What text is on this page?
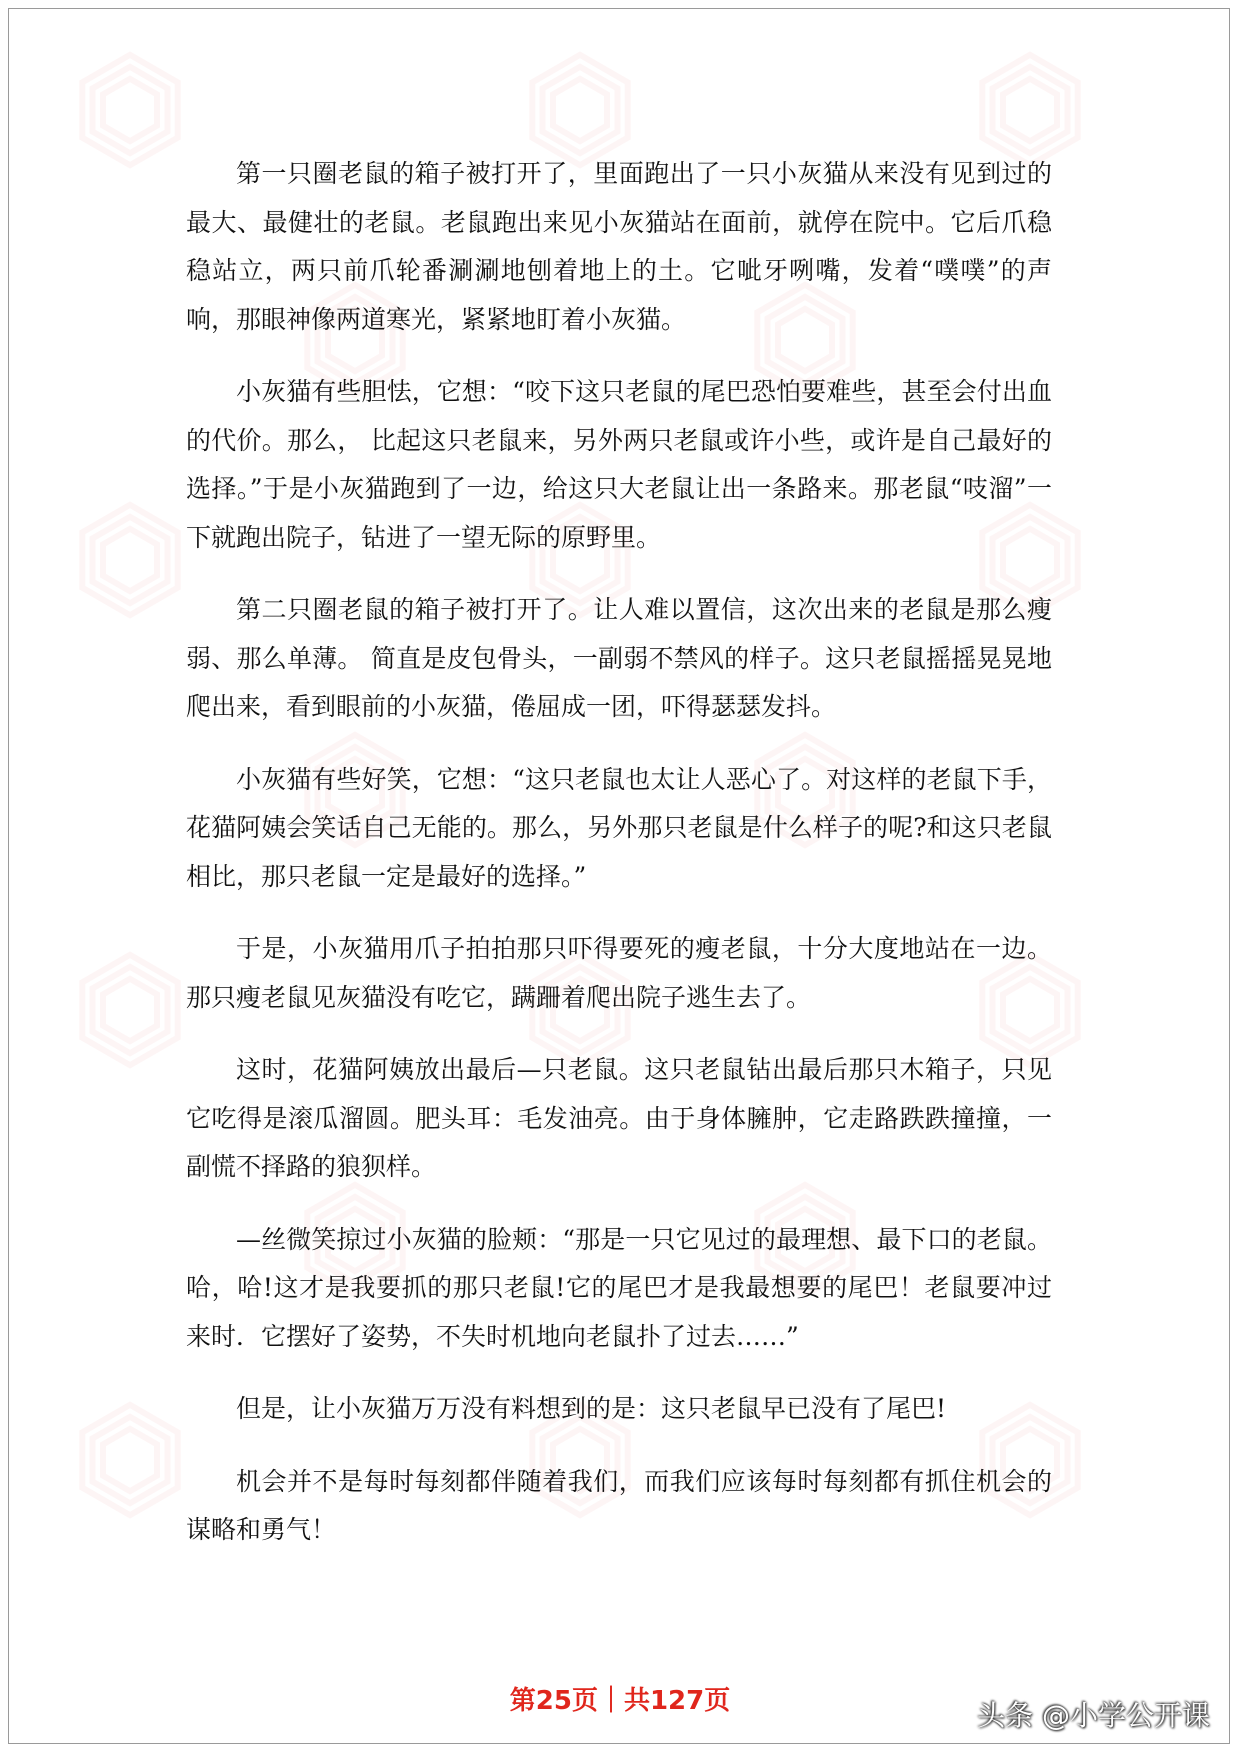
第一只圈老鼠的箱子被打开了，里面跑出了一只小灰猫从来没有见到过的最大、最健壮的老鼠。老鼠跑出来见小灰猫站在面前，就停在院中。它后爪稳稳站立，两只前爪轮番涮涮地刨着地上的土。它呲牙咧嘴，发着“噗噗”的声响，那眼神像两道寒光，紧紧地盯着小灰猫。

小灰猫有些胆怯，它想：“咬下这只老鼠的尾巴恐怕要难些，甚至会付出血的代价。那么， 比起这只老鼠来，另外两只老鼠或许小些，或许是自己最好的选择。”于是小灰猫跑到了一边，给这只大老鼠让出一条路来。那老鼠“吱溜”一下就跑出院子，钻进了一望无际的原野里。

第二只圈老鼠的箱子被打开了。让人难以置信，这次出来的老鼠是那么瘦弱、那么单薄。 简直是皮包骨头，一副弱不禁风的样子。这只老鼠摇摇晃晃地爬出来，看到眼前的小灰猫，倦屈成一团，吓得瑟瑟发抖。

小灰猫有些好笑，它想：“这只老鼠也太让人恶心了。对这样的老鼠下手，花猫阿姨会笑话自己无能的。那么，另外那只老鼠是什么样子的呢?和这只老鼠相比，那只老鼠一定是最好的选择。”

于是，小灰猫用爪子拍拍那只吓得要死的瘦老鼠，十分大度地站在一边。那只瘦老鼠见灰猫没有吃它，蹒跚着爬出院子逃生去了。

这时，花猫阿姨放出最后—只老鼠。这只老鼠钻出最后那只木箱子，只见它吃得是滚瓜溜圆。肥头耳：毛发油亮。由于身体臃肿，它走路跌跌撞撞，一副慌不择路的狼狈样。

—丝微笑掠过小灰猫的脸颊：“那是一只它见过的最理想、最下口的老鼠。哈，哈!这才是我要抓的那只老鼠!它的尾巴才是我最想要的尾巴！老鼠要冲过来时．它摆好了姿势，不失时机地向老鼠扑了过去……”

但是，让小灰猫万万没有料想到的是：这只老鼠早已没有了尾巴!

机会并不是每时每刻都伴随着我们，而我们应该每时每刻都有抓住机会的谋略和勇气！

第25页｜共127页	头条 @小学公开课
